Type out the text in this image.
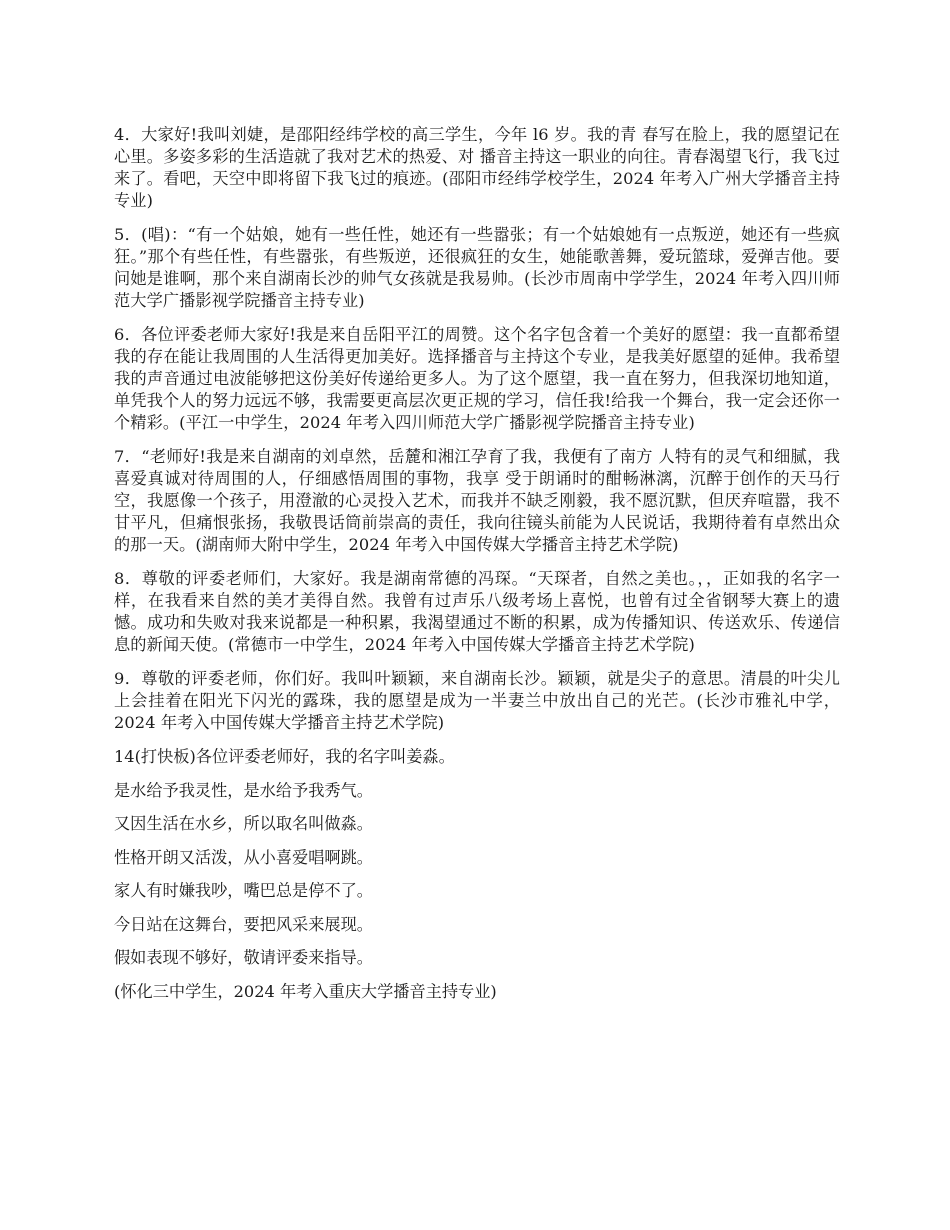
4．大家好!我叫刘婕，是邵阳经纬学校的高三学生，今年 l6 岁。我的青 春写在脸上，我的愿望记在心里。多姿多彩的生活造就了我对艺术的热爱、对 播音主持这一职业的向往。青春渴望飞行，我飞过来了。看吧，天空中即将留下我飞过的痕迹。(邵阳市经纬学校学生，2024 年考入广州大学播音主持专业)

5．(唱)：“有一个姑娘，她有一些任性，她还有一些嚣张；有一个姑娘她有一点叛逆，她还有一些疯狂。”那个有些任性，有些嚣张，有些叛逆，还很疯狂的女生，她能歌善舞，爱玩篮球，爱弹吉他。要问她是谁啊，那个来自湖南长沙的帅气女孩就是我易帅。(长沙市周南中学学生，2024 年考入四川师范大学广播影视学院播音主持专业)

6．各位评委老师大家好!我是来自岳阳平江的周赞。这个名字包含着一个美好的愿望：我一直都希望我的存在能让我周围的人生活得更加美好。选择播音与主持这个专业，是我美好愿望的延伸。我希望我的声音通过电波能够把这份美好传递给更多人。为了这个愿望，我一直在努力，但我深切地知道，单凭我个人的努力远远不够，我需要更高层次更正规的学习，信任我!给我一个舞台，我一定会还你一个精彩。(平江一中学生，2024 年考入四川师范大学广播影视学院播音主持专业)

7．“老师好!我是来自湖南的刘卓然，岳麓和湘江孕育了我，我便有了南方 人特有的灵气和细腻，我喜爱真诚对待周围的人，仔细感悟周围的事物，我享 受于朗诵时的酣畅淋漓，沉醉于创作的天马行空，我愿像一个孩子，用澄澈的心灵投入艺术，而我并不缺乏刚毅，我不愿沉默，但厌弃喧嚣，我不甘平凡，但痛恨张扬，我敬畏话筒前崇高的责任，我向往镜头前能为人民说话，我期待着有卓然出众的那一天。(湖南师大附中学生，2024 年考入中国传媒大学播音主持艺术学院)

8．尊敬的评委老师们，大家好。我是湖南常德的冯琛。“天琛者，自然之美也。，，正如我的名字一样，在我看来自然的美才美得自然。我曾有过声乐八级考场上喜悦，也曾有过全省钢琴大赛上的遗憾。成功和失败对我来说都是一种积累，我渴望通过不断的积累，成为传播知识、传送欢乐、传递信息的新闻天使。(常德市一中学生，2024 年考入中国传媒大学播音主持艺术学院)

9．尊敬的评委老师，你们好。我叫叶颖颖，来自湖南长沙。颖颖，就是尖子的意思。清晨的叶尖儿上会挂着在阳光下闪光的露珠，我的愿望是成为一半妻兰中放出自己的光芒。(长沙市雅礼中学，2024 年考入中国传媒大学播音主持艺术学院)

14(打快板)各位评委老师好，我的名字叫姜淼。

是水给予我灵性，是水给予我秀气。

又因生活在水乡，所以取名叫做淼。

性格开朗又活泼，从小喜爱唱啊跳。

家人有时嫌我吵，嘴巴总是停不了。

今日站在这舞台，要把风采来展现。

假如表现不够好，敬请评委来指导。

(怀化三中学生，2024 年考入重庆大学播音主持专业)
